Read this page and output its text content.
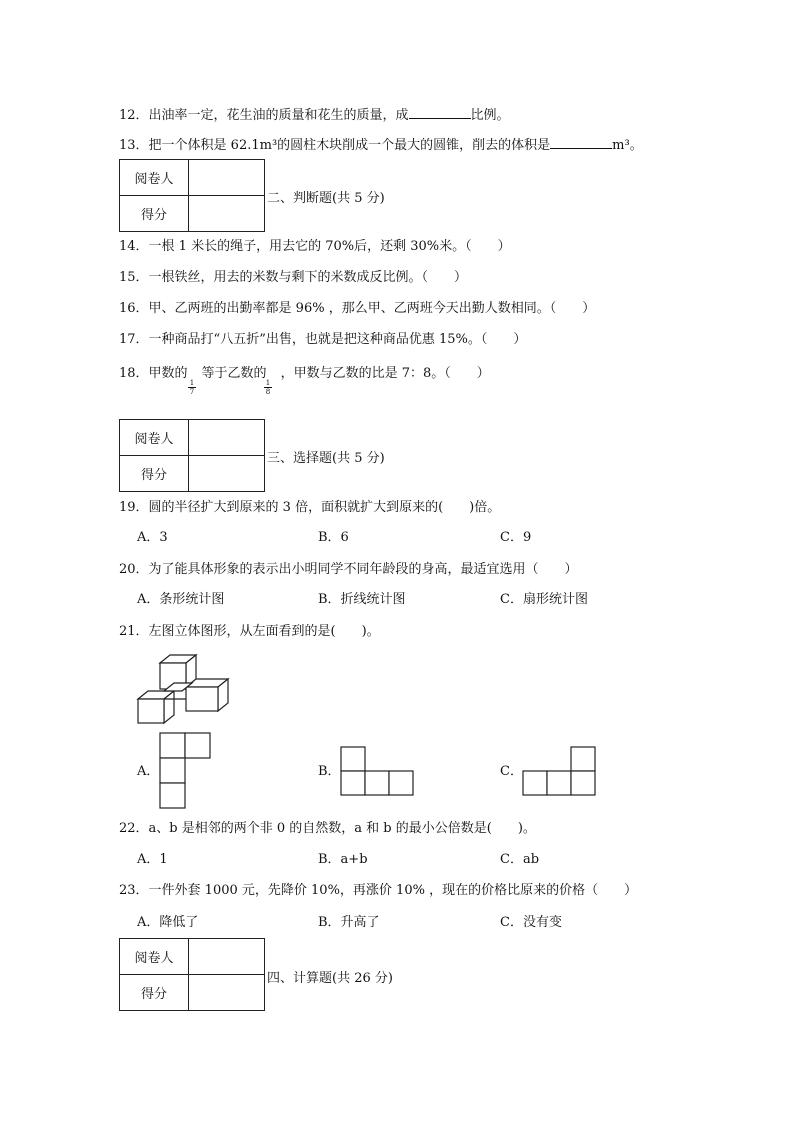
12．出油率一定，花生油的质量和花生的质量，成	比例。
13．把一个体积是 62.1m³的圆柱木块削成一个最大的圆锥，削去的体积是	m³。
阅卷人	
得分	
二、判断题(共 5 分)
14．一根 1 米长的绳子，用去它的 70%后，还剩 30%米。（　　）
15．一根铁丝，用去的米数与剩下的米数成反比例。（　　）
16．甲、乙两班的出勤率都是 96% ，那么甲、乙两班今天出勤人数相同。（　　）
17．一种商品打“八五折”出售，也就是把这种商品优惠 15%。（　　）
18．甲数的 等于乙数的 ，甲数与乙数的比是 7：8。（　　）
1
7
1
8
阅卷人	
得分	
三、选择题(共 5 分)
19．圆的半径扩大到原来的 3 倍，面积就扩大到原来的(　　)倍。
A．3	B．6	C．9
20．为了能具体形象的表示出小明同学不同年龄段的身高，最适宜选用（　　）
A．条形统计图	B．折线统计图	C．扇形统计图
21．左图立体图形，从左面看到的是(　　)。
A．	B．	C．
22．a、b 是相邻的两个非 0 的自然数，a 和 b 的最小公倍数是(　　)。
A．1	B．a+b	C．ab
23．一件外套 1000 元，先降价 10%，再涨价 10% ，现在的价格比原来的价格（　　）
A．降低了	B．升高了	C．没有变
阅卷人	
得分	
四、计算题(共 26 分)
